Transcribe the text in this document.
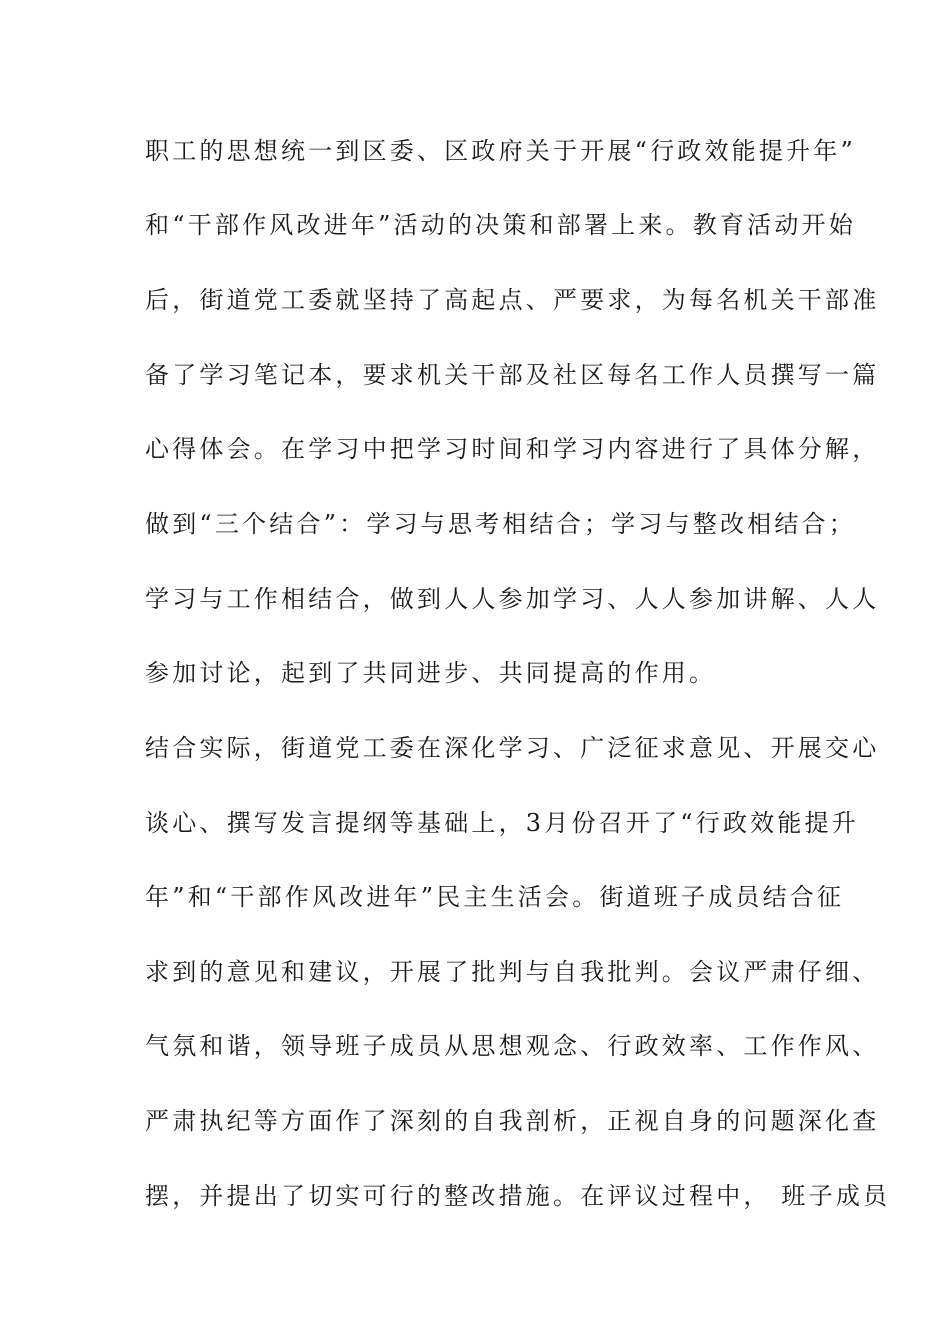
职工的思想统一到区委、区政府关于开展“行政效能提升年”
和“干部作风改进年”活动的决策和部署上来。教育活动开始
后，街道党工委就坚持了高起点、严要求，为每名机关干部准
备了学习笔记本，要求机关干部及社区每名工作人员撰写一篇
心得体会。在学习中把学习时间和学习内容进行了具体分解，
做到“三个结合”：学习与思考相结合；学习与整改相结合；
学习与工作相结合，做到人人参加学习、人人参加讲解、人人
参加讨论，起到了共同进步、共同提高的作用。
结合实际，街道党工委在深化学习、广泛征求意见、开展交心
谈心、撰写发言提纲等基础上，3月份召开了“行政效能提升
年”和“干部作风改进年”民主生活会。街道班子成员结合征
求到的意见和建议，开展了批判与自我批判。会议严肃仔细、
气氛和谐，领导班子成员从思想观念、行政效率、工作作风、
严肃执纪等方面作了深刻的自我剖析，正视自身的问题深化查
摆，并提出了切实可行的整改措施。在评议过程中， 班子成员
